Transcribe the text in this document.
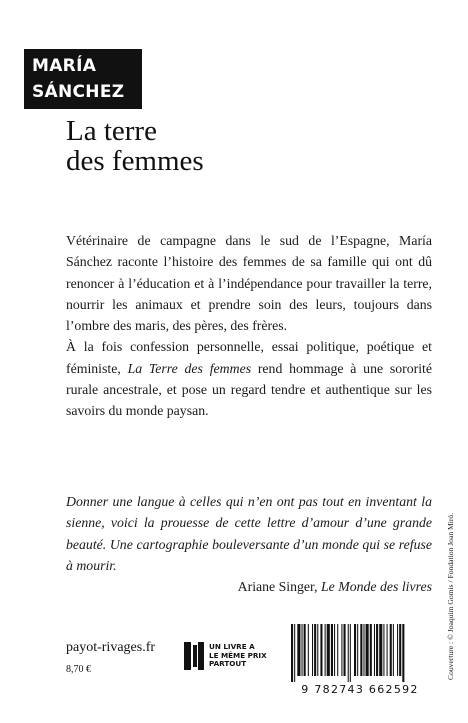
MARÍA
SÁNCHEZ
La terre
des femmes

Vétérinaire de campagne dans le sud de l’Espagne, María Sánchez raconte l’histoire des femmes de sa famille qui ont dû renoncer à l’éducation et à l’indépendance pour travailler la terre, nourrir les animaux et prendre soin des leurs, toujours dans l’ombre des maris, des pères, des frères.

À la fois confession personnelle, essai politique, poétique et féministe, La Terre des femmes rend hommage à une sororité rurale ancestrale, et pose un regard tendre et authentique sur les savoirs du monde paysan.

Donner une langue à celles qui n’en ont pas tout en inventant la sienne, voici la prouesse de cette lettre d’amour d’une grande beauté. Une cartographie bouleversante d’un monde qui se refuse à mourir.

Ariane Singer, Le Monde des livres Couverture : © Joaquim Gomis / Fondation Joan Miró.
payot-rivages.fr
8,70 €
UN LIVRE A
LE MÊME PRIX
PARTOUT
9 782743 662592
